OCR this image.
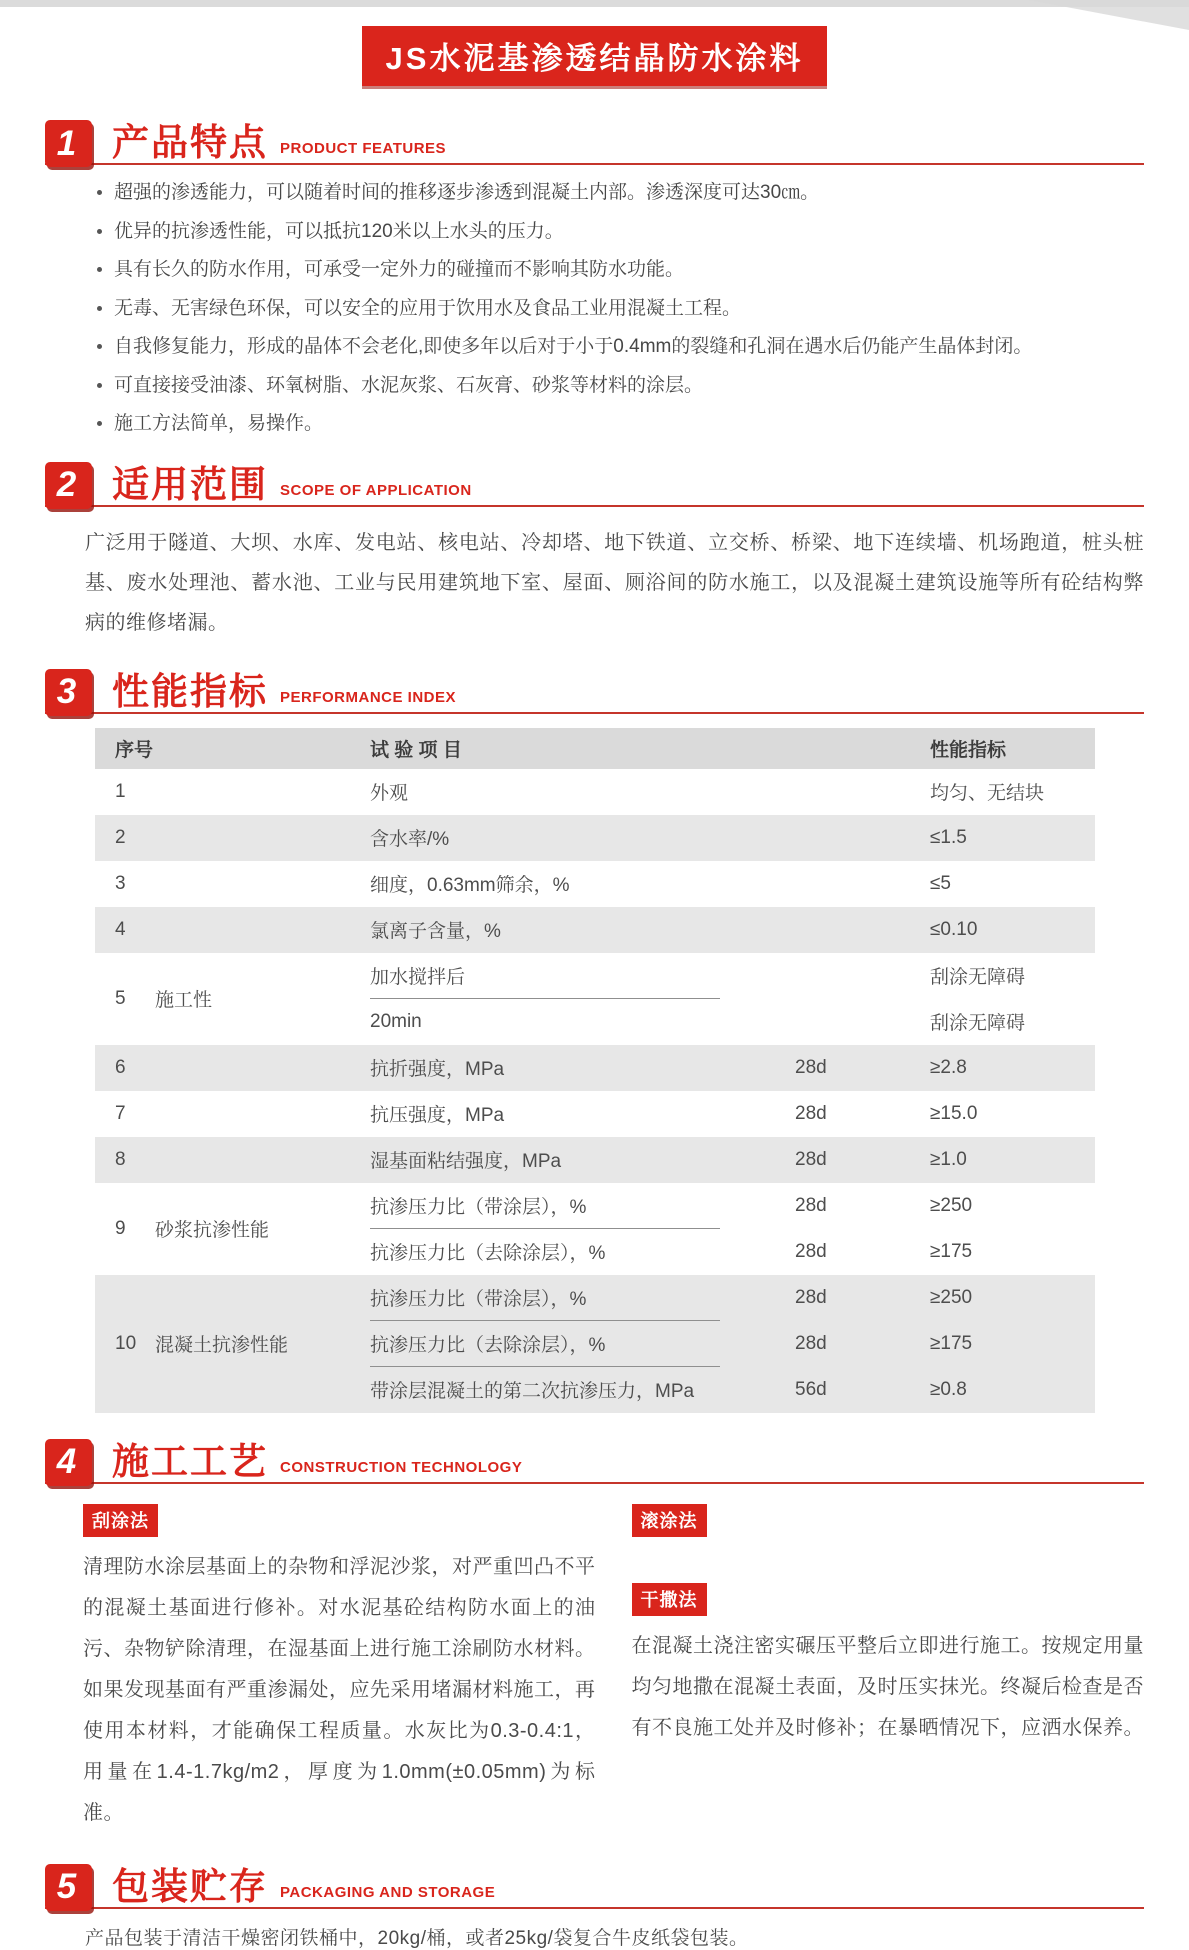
JS水泥基渗透结晶防水涂料
1 产品特点 PRODUCT FEATURES
超强的渗透能力，可以随着时间的推移逐步渗透到混凝土内部。渗透深度可达30㎝。
优异的抗渗透性能，可以抵抗120米以上水头的压力。
具有长久的防水作用，可承受一定外力的碰撞而不影响其防水功能。
无毒、无害绿色环保，可以安全的应用于饮用水及食品工业用混凝土工程。
自我修复能力，形成的晶体不会老化,即使多年以后对于小于0.4mm的裂缝和孔洞在遇水后仍能产生晶体封闭。
可直接接受油漆、环氧树脂、水泥灰浆、石灰膏、砂浆等材料的涂层。
施工方法简单，易操作。
2 适用范围 SCOPE OF APPLICATION

广泛用于隧道、大坝、水库、发电站、核电站、冷却塔、地下铁道、立交桥、桥梁、地下连续墙、机场跑道，桩头桩基、废水处理池、蓄水池、工业与民用建筑地下室、屋面、厕浴间的防水施工，以及混凝土建筑设施等所有砼结构弊病的维修堵漏。

3 性能指标 PERFORMANCE INDEX
序号	试 验 项 目	性能指标
1	外观	均匀、无结块
2	含水率/%	≤1.5
3	细度，0.63mm筛余，%	≤5
4	氯离子含量，%	≤0.10
5	施工性
加水搅拌后	刮涂无障碍
20min	刮涂无障碍
6	抗折强度，MPa	28d	≥2.8
7	抗压强度，MPa	28d	≥15.0
8	湿基面粘结强度，MPa	28d	≥1.0
9	砂浆抗渗性能
抗渗压力比（带涂层），%	28d	≥250
抗渗压力比（去除涂层），%	28d	≥175
10 混凝土抗渗性能
抗渗压力比（带涂层），%	28d	≥250
抗渗压力比（去除涂层），%	28d	≥175
带涂层混凝土的第二次抗渗压力，MPa	56d	≥0.8
4 施工工艺 CONSTRUCTION TECHNOLOGY
刮涂法

清理防水涂层基面上的杂物和浮泥沙浆，对严重凹凸不平的混凝土基面进行修补。对水泥基砼结构防水面上的油污、杂物铲除清理，在湿基面上进行施工涂刷防水材料。如果发现基面有严重渗漏处，应先采用堵漏材料施工，再使用本材料，才能确保工程质量。水灰比为0.3-0.4:1，用量在1.4-1.7kg/m2，厚度为1.0mm(±0.05mm)为标准。

滚涂法
干撒法

在混凝土浇注密实碾压平整后立即进行施工。按规定用量均匀地撒在混凝土表面，及时压实抹光。终凝后检查是否有不良施工处并及时修补；在暴晒情况下，应洒水保养。

5 包装贮存 PACKAGING AND STORAGE

产品包装于清洁干燥密闭铁桶中，20kg/桶，或者25kg/袋复合牛皮纸袋包装。
